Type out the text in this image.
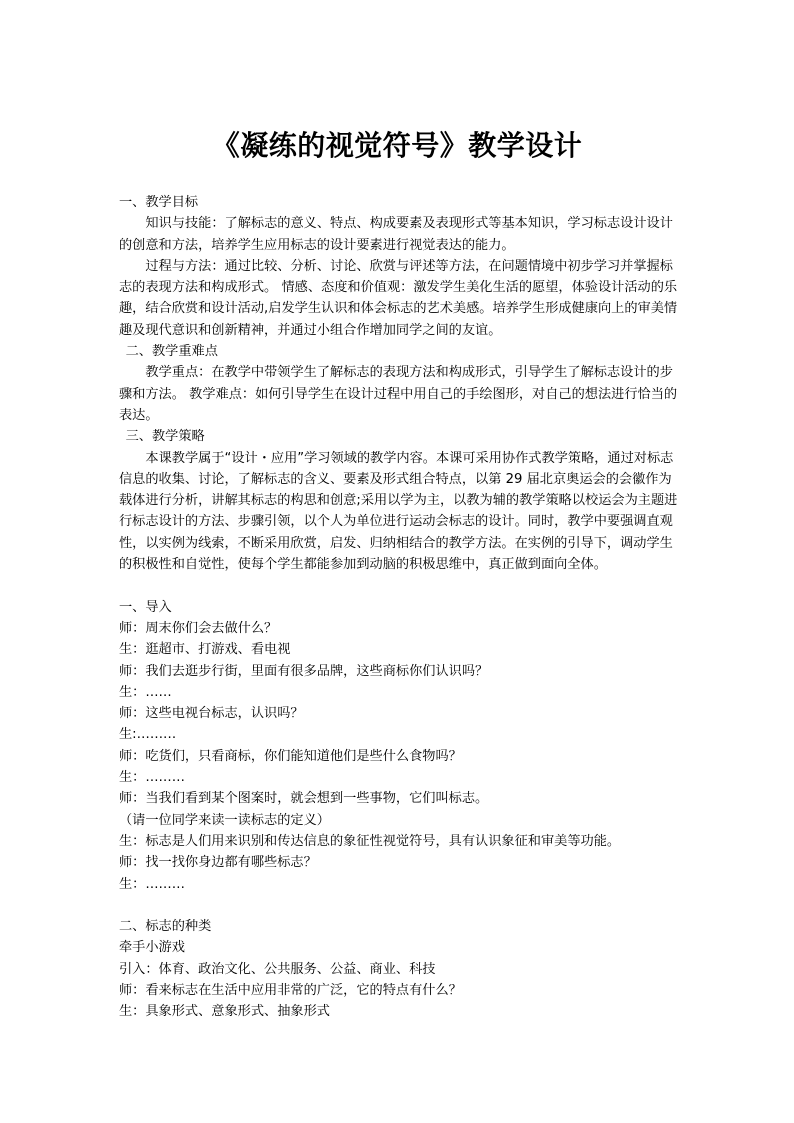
《凝练的视觉符号》教学设计

一、教学目标

知识与技能：了解标志的意义、特点、构成要素及表现形式等基本知识，学习标志设计设计的创意和方法，培养学生应用标志的设计要素进行视觉表达的能力。

过程与方法：通过比较、分析、讨论、欣赏与评述等方法，在问题情境中初步学习并掌握标志的表现方法和构成形式。 情感、态度和价值观：激发学生美化生活的愿望，体验设计活动的乐趣，结合欣赏和设计活动,启发学生认识和体会标志的艺术美感。培养学生形成健康向上的审美情趣及现代意识和创新精神，并通过小组合作增加同学之间的友谊。

二、教学重难点

教学重点：在教学中带领学生了解标志的表现方法和构成形式，引导学生了解标志设计的步骤和方法。 教学难点：如何引导学生在设计过程中用自己的手绘图形，对自己的想法进行恰当的表达。

三、教学策略

本课教学属于“设计・应用”学习领域的教学内容。本课可采用协作式教学策略，通过对标志信息的收集、讨论，了解标志的含义、要素及形式组合特点，以第 29 届北京奥运会的会徽作为载体进行分析，讲解其标志的构思和创意;采用以学为主，以教为辅的教学策略以校运会为主题进行标志设计的方法、步骤引领，以个人为单位进行运动会标志的设计。同时，教学中要强调直观性，以实例为线索，不断采用欣赏，启发、归纳相结合的教学方法。在实例的引导下，调动学生的积极性和自觉性，使每个学生都能参加到动脑的积极思维中，真正做到面向全体。

一、导入

师：周末你们会去做什么？

生：逛超市、打游戏、看电视

师：我们去逛步行街，里面有很多品牌，这些商标你们认识吗？

生：……

师：这些电视台标志，认识吗？

生:………

师：吃货们，只看商标，你们能知道他们是些什么食物吗？

生：………

师：当我们看到某个图案时，就会想到一些事物，它们叫标志。

（请一位同学来读一读标志的定义）

生：标志是人们用来识别和传达信息的象征性视觉符号，具有认识象征和审美等功能。

师：找一找你身边都有哪些标志？

生：………

二、标志的种类

牵手小游戏

引入：体育、政治文化、公共服务、公益、商业、科技

师：看来标志在生活中应用非常的广泛，它的特点有什么？

生：具象形式、意象形式、抽象形式
